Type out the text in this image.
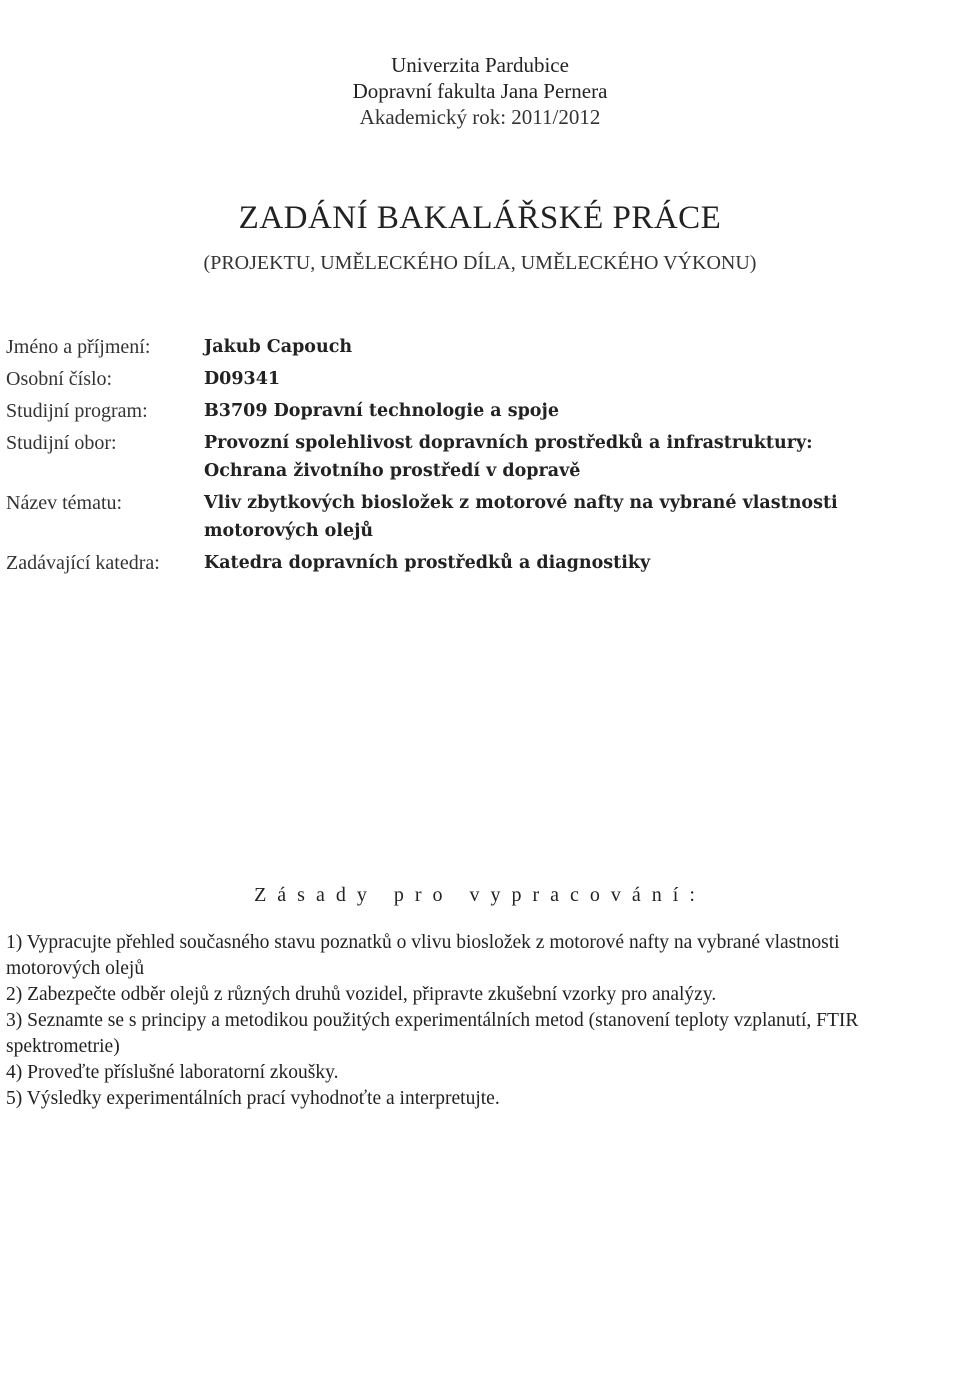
Univerzita Pardubice
Dopravní fakulta Jana Pernera
Akademický rok: 2011/2012
ZADÁNÍ BAKALÁŘSKÉ PRÁCE
(PROJEKTU, UMĚLECKÉHO DÍLA, UMĚLECKÉHO VÝKONU)
Jméno a příjmení:	Jakub Capouch
Osobní číslo:	D09341
Studijní program:	B3709 Dopravní technologie a spoje
Studijní obor:	Provozní spolehlivost dopravních prostředků a infrastruktury: Ochrana životního prostředí v dopravě
Název tématu:	Vliv zbytkových biosložek z motorové nafty na vybrané vlastnosti motorových olejů
Zadávající katedra:	Katedra dopravních prostředků a diagnostiky
Zásady pro vypracování:

1) Vypracujte přehled současného stavu poznatků o vlivu biosložek z motorové nafty na vybrané vlastnosti motorových olejů

2) Zabezpečte odběr olejů z různých druhů vozidel, připravte zkušební vzorky pro analýzy.

3) Seznamte se s principy a metodikou použitých experimentálních metod (stanovení teploty vzplanutí, FTIR spektrometrie)

4) Proveďte příslušné laboratorní zkoušky.

5) Výsledky experimentálních prací vyhodnoťte a interpretujte.
